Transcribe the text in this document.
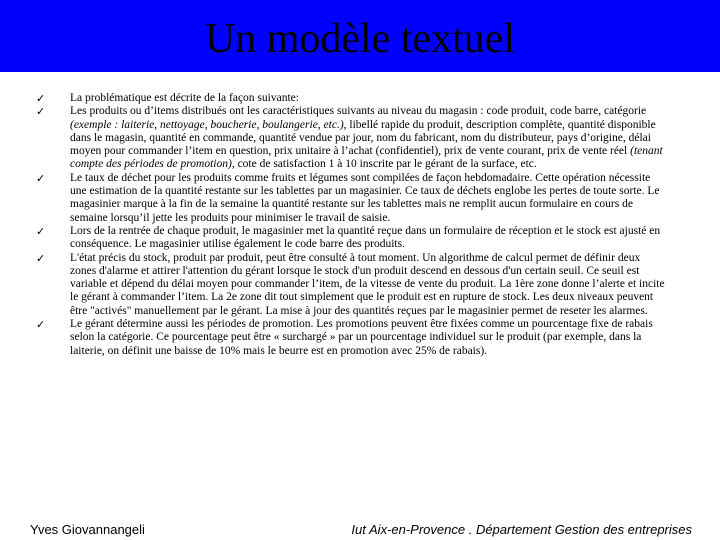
Un modèle textuel
✓	La problématique est décrite de la façon suivante:
✓	Les produits ou d’items distribués ont les caractéristiques suivants au niveau du magasin : code produit, code barre, catégorie (exemple : laiterie, nettoyage, boucherie, boulangerie, etc.), libellé rapide du produit, description complète, quantité disponible dans le magasin, quantité en commande, quantité vendue par jour, nom du fabricant, nom du distributeur, pays d’origine, délai moyen pour commander l’item en question, prix unitaire à l’achat (confidentiel), prix de vente courant, prix de vente réel (tenant compte des périodes de promotion), cote de satisfaction 1 à 10 inscrite par le gérant de la surface, etc.
✓	Le taux de déchet pour les produits comme fruits et légumes sont compilées de façon hebdomadaire. Cette opération nécessite une estimation de la quantité restante sur les tablettes par un magasinier. Ce taux de déchets englobe les pertes de toute sorte. Le magasinier marque à la fin de la semaine la quantité restante sur les tablettes mais ne remplit aucun formulaire en cours de semaine lorsqu’il jette les produits pour minimiser le travail de saisie.
✓	Lors de la rentrée de chaque produit, le magasinier met la quantité reçue dans un formulaire de réception et le stock est ajusté en conséquence. Le magasinier utilise également le code barre des produits.
✓	L'état précis du stock, produit par produit, peut être consulté à tout moment. Un algorithme de calcul permet de définir deux zones d'alarme et attirer l'attention du gérant lorsque le stock d'un produit descend en dessous d'un certain seuil. Ce seuil est variable et dépend du délai moyen pour commander l’item, de la vitesse de vente du produit. La 1ère zone donne l’alerte et incite le gérant à commander l’item. La 2e zone dit tout simplement que le produit est en rupture de stock. Les deux niveaux peuvent être "activés" manuellement par le gérant. La mise à jour des quantités reçues par le magasinier permet de reseter les alarmes.
✓	Le gérant détermine aussi les périodes de promotion. Les promotions peuvent être fixées comme un pourcentage fixe de rabais selon la catégorie. Ce pourcentage peut être « surchargé » par un pourcentage individuel sur le produit (par exemple, dans la laiterie, on définit une baisse de 10% mais le beurre est en promotion avec 25% de rabais).
Yves Giovannangeli	Iut Aix-en-Provence . Département Gestion des entreprises
